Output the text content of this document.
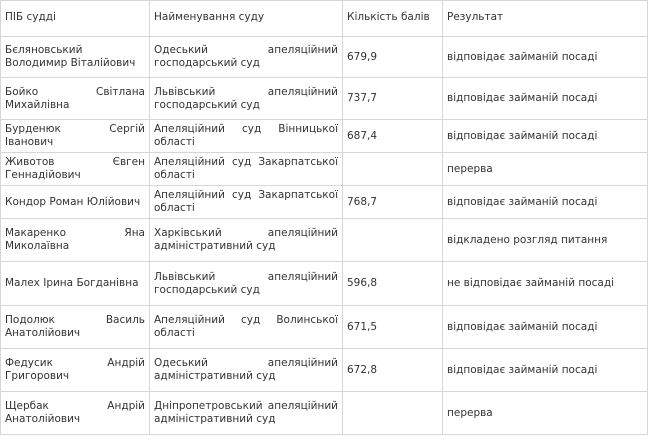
ПІБ судді	Найменування суду	Кількість балів	Результат
Бєляновський Володимир Віталійович	Одеський апеляційний господарський суд	679,9	відповідає займаній посаді
Бойко Світлана Михайлівна	Львівський апеляційний господарський суд	737,7	відповідає займаній посаді
Бурденюк Сергій Іванович	Апеляційний суд Вінницької області	687,4	відповідає займаній посаді
Животов Євген Геннадійович	Апеляційний суд Закарпатської області		перерва
Кондор Роман Юлійович	Апеляційний суд Закарпатської області	768,7	відповідає займаній посаді
Макаренко Яна Миколаївна	Харківський апеляційний адміністративний суд		відкладено розгляд питання
Малех Ірина Богданівна	Львівський апеляційний господарський суд	596,8	не відповідає займаній посаді
Подолюк Василь Анатолійович	Апеляційний суд Волинської області	671,5	відповідає займаній посаді
Федусик Андрій Григорович	Одеський апеляційний адміністративний суд	672,8	відповідає займаній посаді
Щербак Андрій Анатолійович	Дніпропетровський апеляційний адміністративний суд		перерва
